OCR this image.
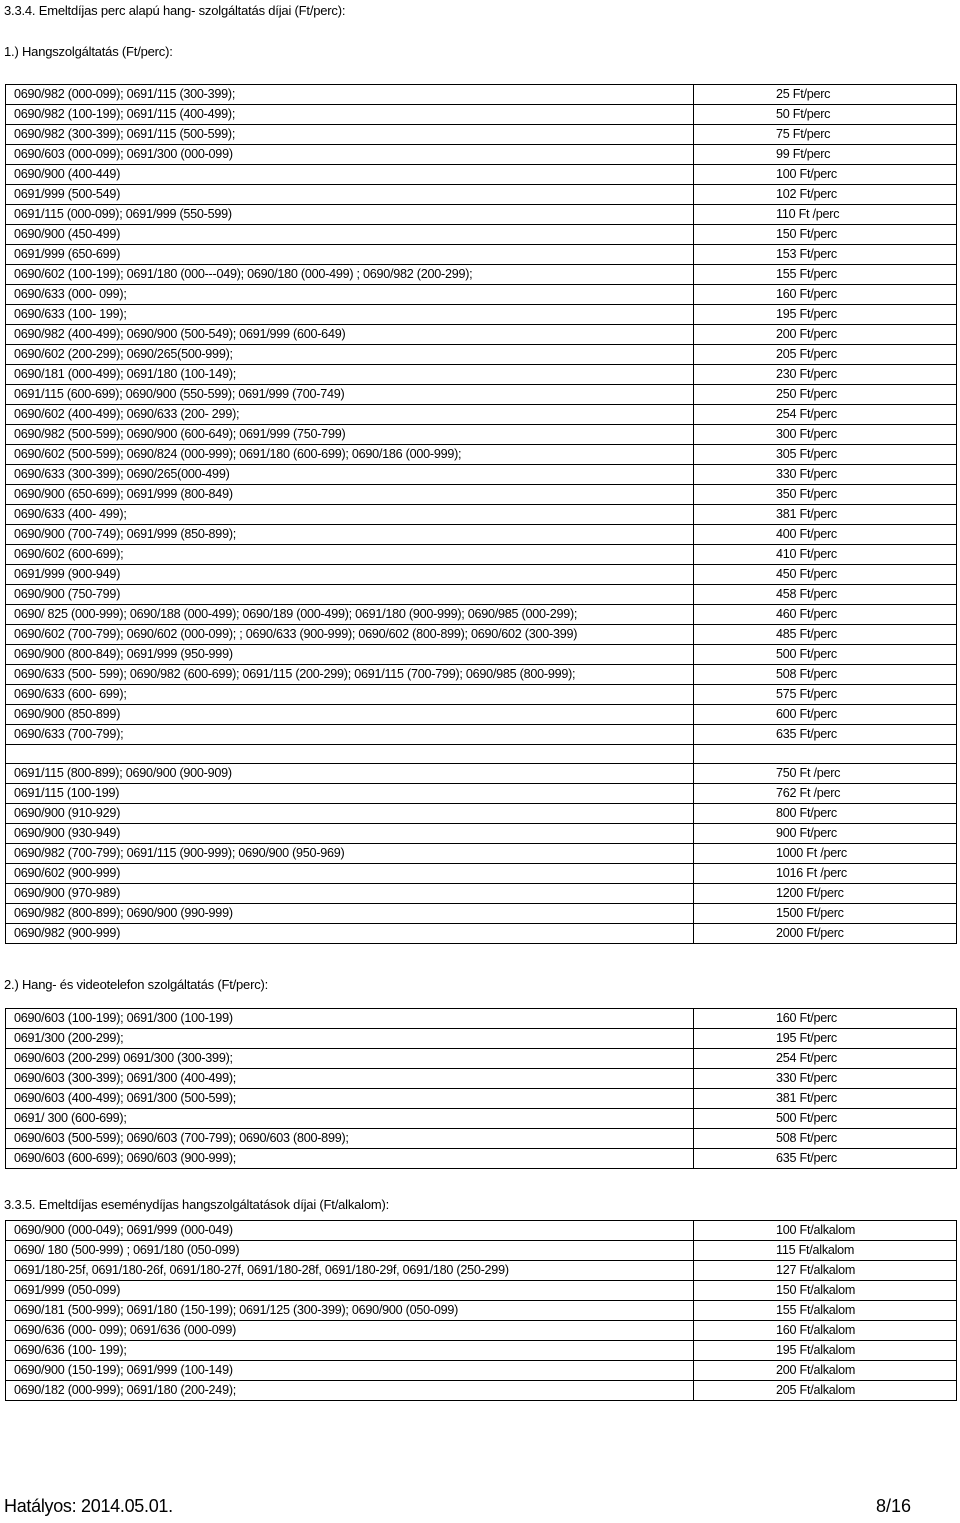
3.3.4. Emeltdíjas perc alapú hang- szolgáltatás díjai (Ft/perc):
1.) Hangszolgáltatás (Ft/perc):
0690/982 (000-099); 0691/115 (300-399);	25 Ft/perc
0690/982 (100-199); 0691/115 (400-499);	50 Ft/perc
0690/982 (300-399); 0691/115 (500-599);	75 Ft/perc
0690/603 (000-099); 0691/300 (000-099)	99 Ft/perc
0690/900 (400-449)	100 Ft/perc
0691/999 (500-549)	102 Ft/perc
0691/115 (000-099); 0691/999 (550-599)	110 Ft /perc
0690/900 (450-499)	150 Ft/perc
0691/999 (650-699)	153 Ft/perc
0690/602 (100-199); 0691/180 (000---049); 0690/180 (000-499) ; 0690/982 (200-299);	155 Ft/perc
0690/633 (000- 099);	160 Ft/perc
0690/633 (100- 199);	195 Ft/perc
0690/982 (400-499); 0690/900 (500-549); 0691/999 (600-649)	200 Ft/perc
0690/602 (200-299); 0690/265(500-999);	205 Ft/perc
0690/181 (000-499); 0691/180 (100-149);	230 Ft/perc
0691/115 (600-699); 0690/900 (550-599); 0691/999 (700-749)	250 Ft/perc
0690/602 (400-499); 0690/633 (200- 299);	254 Ft/perc
0690/982 (500-599); 0690/900 (600-649); 0691/999 (750-799)	300 Ft/perc
0690/602 (500-599); 0690/824 (000-999); 0691/180 (600-699); 0690/186 (000-999);	305 Ft/perc
0690/633 (300-399); 0690/265(000-499)	330 Ft/perc
0690/900 (650-699); 0691/999 (800-849)	350 Ft/perc
0690/633 (400- 499);	381 Ft/perc
0690/900 (700-749); 0691/999 (850-899);	400 Ft/perc
0690/602 (600-699);	410 Ft/perc
0691/999 (900-949)	450 Ft/perc
0690/900 (750-799)	458 Ft/perc
0690/ 825 (000-999); 0690/188 (000-499); 0690/189 (000-499); 0691/180 (900-999); 0690/985 (000-299);	460 Ft/perc
0690/602 (700-799); 0690/602 (000-099); ; 0690/633 (900-999); 0690/602 (800-899); 0690/602 (300-399)	485 Ft/perc
0690/900 (800-849); 0691/999 (950-999)	500 Ft/perc
0690/633 (500- 599); 0690/982 (600-699); 0691/115 (200-299); 0691/115 (700-799); 0690/985 (800-999);	508 Ft/perc
0690/633 (600- 699);	575 Ft/perc
0690/900 (850-899)	600 Ft/perc
0690/633 (700-799);	635 Ft/perc

0691/115 (800-899); 0690/900 (900-909)	750 Ft /perc
0691/115 (100-199)	762 Ft /perc
0690/900 (910-929)	800 Ft/perc
0690/900 (930-949)	900 Ft/perc
0690/982 (700-799); 0691/115 (900-999); 0690/900 (950-969)	1000 Ft /perc
0690/602 (900-999)	1016 Ft /perc
0690/900 (970-989)	1200 Ft/perc
0690/982 (800-899); 0690/900 (990-999)	1500 Ft/perc
0690/982 (900-999)	2000 Ft/perc
2.) Hang- és videotelefon szolgáltatás (Ft/perc):
0690/603 (100-199); 0691/300 (100-199)	160 Ft/perc
0691/300 (200-299);	195 Ft/perc
0690/603 (200-299) 0691/300 (300-399);	254 Ft/perc
0690/603 (300-399); 0691/300 (400-499);	330 Ft/perc
0690/603 (400-499); 0691/300 (500-599);	381 Ft/perc
0691/ 300 (600-699);	500 Ft/perc
0690/603 (500-599); 0690/603 (700-799); 0690/603 (800-899);	508 Ft/perc
0690/603 (600-699); 0690/603 (900-999);	635 Ft/perc
3.3.5. Emeltdíjas eseménydíjas hangszolgáltatások díjai (Ft/alkalom):
0690/900 (000-049); 0691/999 (000-049)	100 Ft/alkalom
0690/ 180 (500-999) ; 0691/180 (050-099)	115 Ft/alkalom
0691/180-25f, 0691/180-26f, 0691/180-27f, 0691/180-28f, 0691/180-29f, 0691/180 (250-299)	127 Ft/alkalom
0691/999 (050-099)	150 Ft/alkalom
0690/181 (500-999); 0691/180 (150-199); 0691/125 (300-399); 0690/900 (050-099)	155 Ft/alkalom
0690/636 (000- 099); 0691/636 (000-099)	160 Ft/alkalom
0690/636 (100- 199);	195 Ft/alkalom
0690/900 (150-199); 0691/999 (100-149)	200 Ft/alkalom
0690/182 (000-999); 0691/180 (200-249);	205 Ft/alkalom
Hatályos: 2014.05.01.	8/16
